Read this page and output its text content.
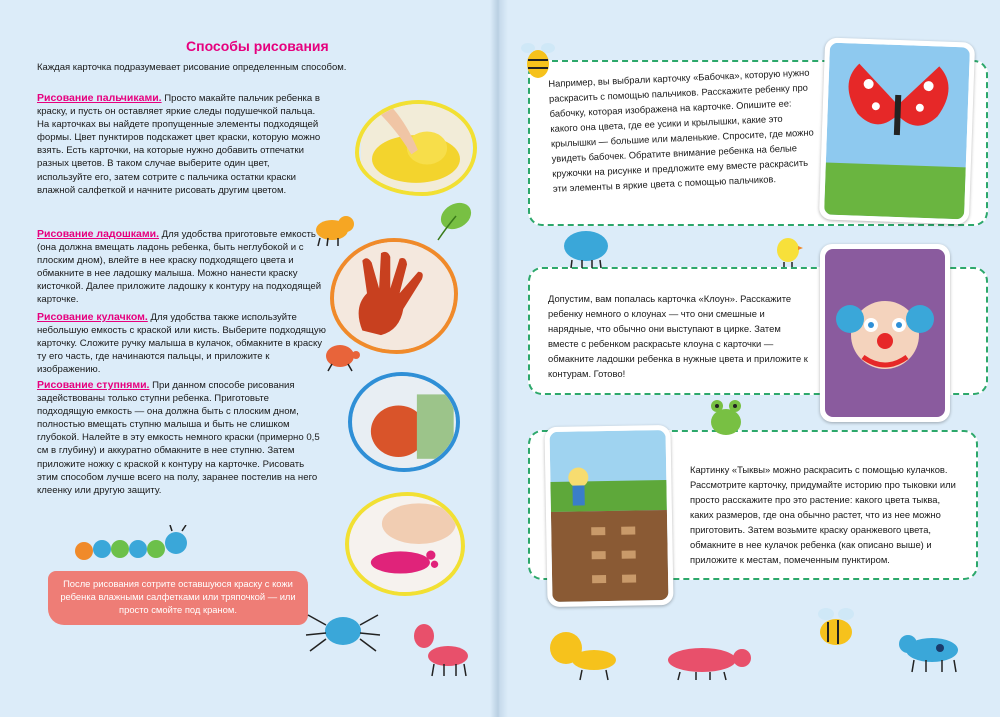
Способы рисования
Каждая карточка подразумевает рисование определенным способом.
Рисование пальчиками. Просто макайте пальчик ребенка в краску, и пусть он оставляет яркие следы подушечкой пальца. На карточках вы найдете пропущенные элементы подходящей формы. Цвет пунктиров подскажет цвет краски, которую можно взять. Есть карточки, на которые нужно добавить отпечатки разных цветов. В таком случае выберите один цвет, используйте его, затем сотрите с пальчика остатки краски влажной салфеткой и начните рисовать другим цветом.
Рисование ладошками. Для удобства приготовьте емкость (она должна вмещать ладонь ребенка, быть неглубокой и с плоским дном), влейте в нее краску подходящего цвета и обмакните в нее ладошку малыша. Можно нанести краску кисточкой. Далее приложите ладошку к контуру на подходящей карточке.
Рисование кулачком. Для удобства также используйте небольшую емкость с краской или кисть. Выберите подходящую карточку. Сложите ручку малыша в кулачок, обмакните в краску ту его часть, где начинаются пальцы, и приложите к изображению.
Рисование ступнями. При данном способе рисования задействованы только ступни ребенка. Приготовьте подходящую емкость — она должна быть с плоским дном, полностью вмещать ступню малыша и быть не слишком глубокой. Налейте в эту емкость немного краски (примерно 0,5 см в глубину) и аккуратно обмакните в нее ступню. Затем приложите ножку с краской к контуру на карточке. Рисовать этим способом лучше всего на полу, заранее постелив на него клеенку или другую защиту.
После рисования сотрите оставшуюся краску с кожи ребенка влажными салфетками или тряпочкой — или просто смойте под краном.

Например, вы выбрали карточку «Бабочка», которую нужно раскрасить с помощью пальчиков. Расскажите ребенку про бабочку, которая изображена на карточке. Опишите ее: какого она цвета, где ее усики и крылышки, какие это крылышки — большие или маленькие. Спросите, где можно увидеть бабочек. Обратите внимание ребенка на белые кружочки на рисунке и предложите ему вместе раскрасить эти элементы в яркие цвета с помощью пальчиков.

Допустим, вам попалась карточка «Клоун». Расскажите ребенку немного о клоунах — что они смешные и нарядные, что обычно они выступают в цирке. Затем вместе с ребенком раскрасьте клоуна с карточки — обмакните ладошки ребенка в нужные цвета и приложите к контурам. Готово!

Картинку «Тыквы» можно раскрасить с помощью кулачков. Рассмотрите карточку, придумайте историю про тыковки или просто расскажите про это растение: какого цвета тыква, каких размеров, где она обычно растет, что из нее можно приготовить. Затем возьмите краску оранжевого цвета, обмакните в нее кулачок ребенка (как описано выше) и приложите к местам, помеченным пунктиром.
